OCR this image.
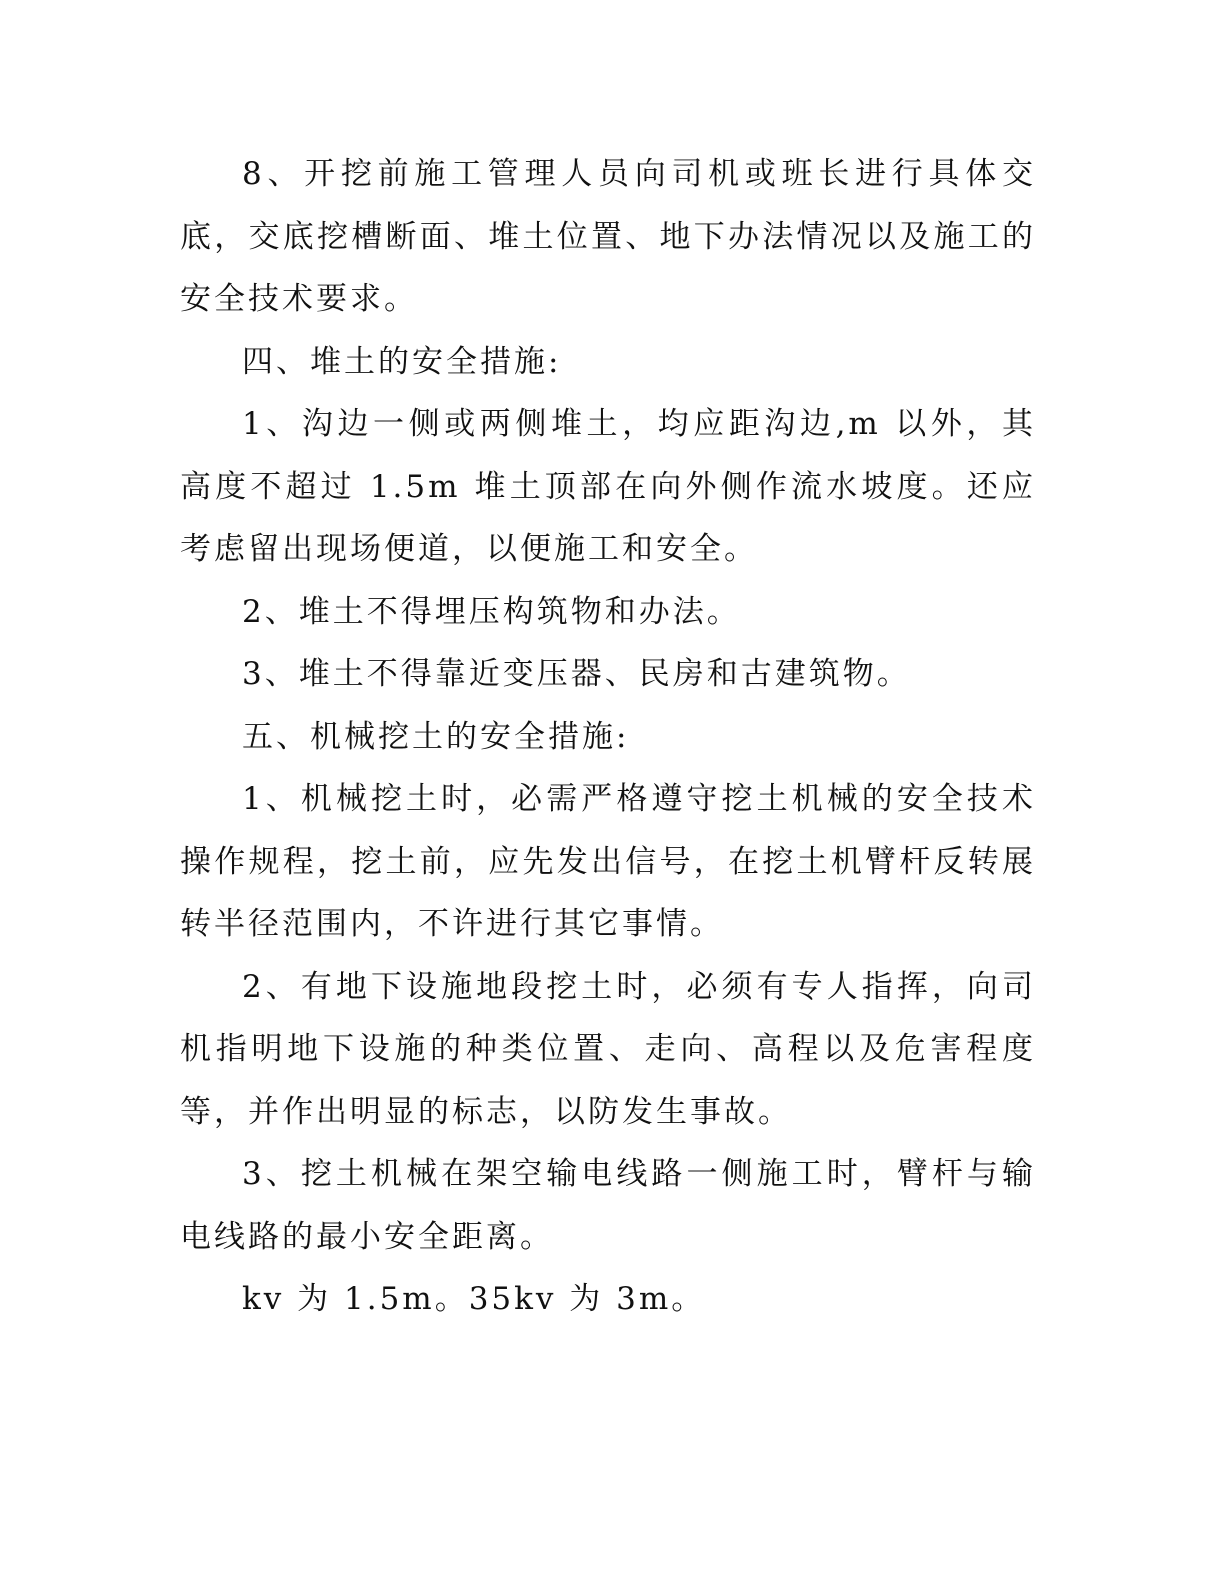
8、开挖前施工管理人员向司机或班长进行具体交底，交底挖槽断面、堆土位置、地下办法情况以及施工的安全技术要求。

四、堆土的安全措施:

1、沟边一侧或两侧堆土，均应距沟边,m 以外，其高度不超过 1.5m 堆土顶部在向外侧作流水坡度。还应考虑留出现场便道，以便施工和安全。

2、堆土不得埋压构筑物和办法。

3、堆土不得靠近变压器、民房和古建筑物。

五、机械挖土的安全措施:

1、机械挖土时，必需严格遵守挖土机械的安全技术操作规程，挖土前，应先发出信号，在挖土机臂杆反转展转半径范围内，不许进行其它事情。

2、有地下设施地段挖土时，必须有专人指挥，向司机指明地下设施的种类位置、走向、高程以及危害程度等，并作出明显的标志，以防发生事故。

3、挖土机械在架空输电线路一侧施工时，臂杆与输电线路的最小安全距离。

kv 为 1.5m。35kv 为 3m。
